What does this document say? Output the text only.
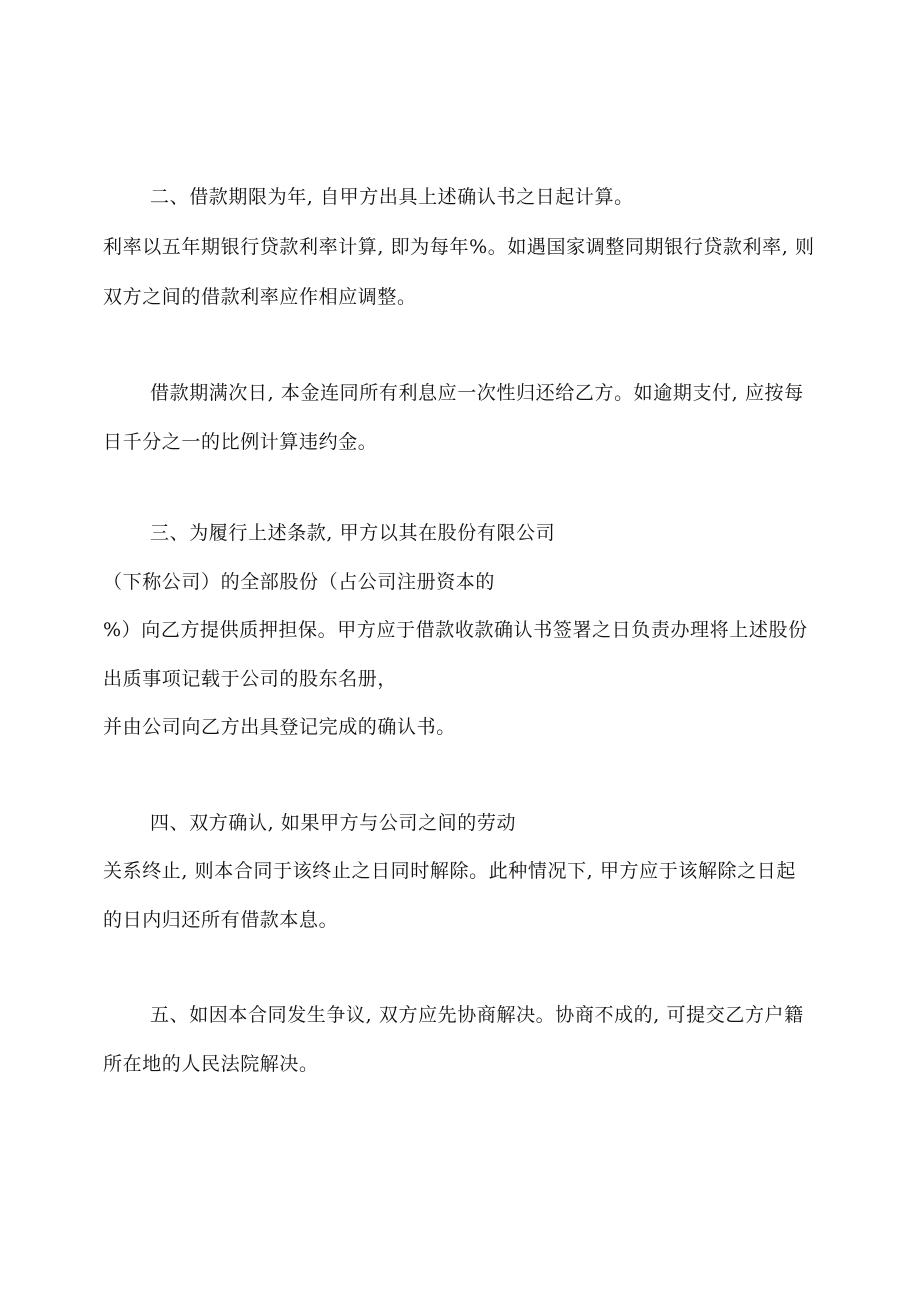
二、借款期限为年, 自甲方出具上述确认书之日起计算。
利率以五年期银行贷款利率计算, 即为每年%。如遇国家调整同期银行贷款利率, 则
双方之间的借款利率应作相应调整。
借款期满次日, 本金连同所有利息应一次性归还给乙方。如逾期支付, 应按每
日千分之一的比例计算违约金。
三、为履行上述条款, 甲方以其在股份有限公司
（下称公司）的全部股份（占公司注册资本的
%）向乙方提供质押担保。甲方应于借款收款确认书签署之日负责办理将上述股份
出质事项记载于公司的股东名册，
并由公司向乙方出具登记完成的确认书。
四、双方确认, 如果甲方与公司之间的劳动
关系终止, 则本合同于该终止之日同时解除。此种情况下, 甲方应于该解除之日起
的日内归还所有借款本息。
五、如因本合同发生争议, 双方应先协商解决。协商不成的, 可提交乙方户籍
所在地的人民法院解决。
